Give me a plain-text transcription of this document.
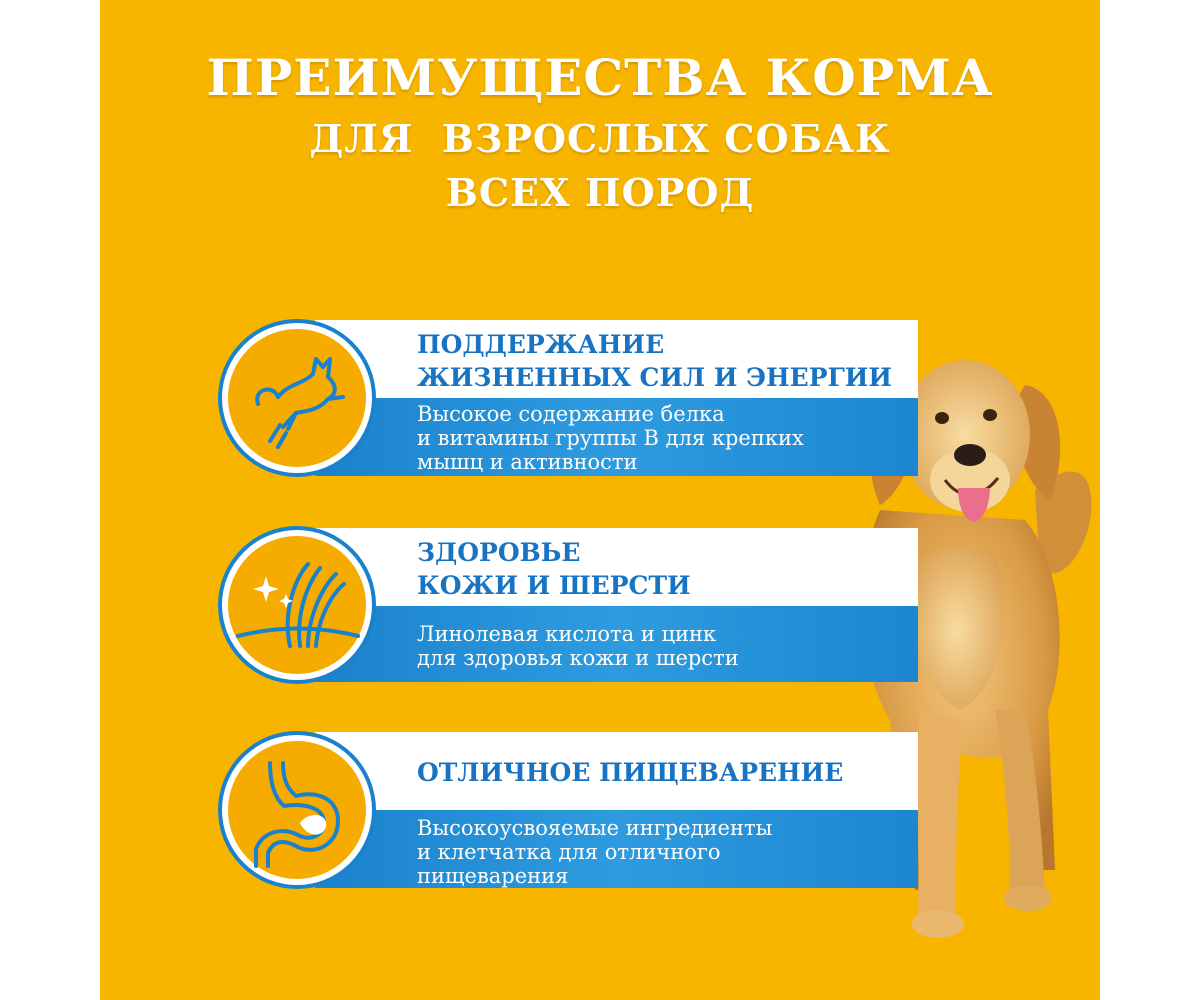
ПРЕИМУЩЕСТВА КОРМА
ДЛЯ  ВЗРОСЛЫХ СОБАК
ВСЕХ ПОРОД
ПОДДЕРЖАНИЕ
ЖИЗНЕННЫХ СИЛ И ЭНЕРГИИ
Высокое содержание белка
и витамины группы В для крепких
мышц и активности
ЗДОРОВЬЕ
КОЖИ И ШЕРСТИ
Линолевая кислота и цинк
для здоровья кожи и шерсти
ОТЛИЧНОЕ ПИЩЕВАРЕНИЕ
Высокоусвояемые ингредиенты
и клетчатка для отличного
пищеварения
